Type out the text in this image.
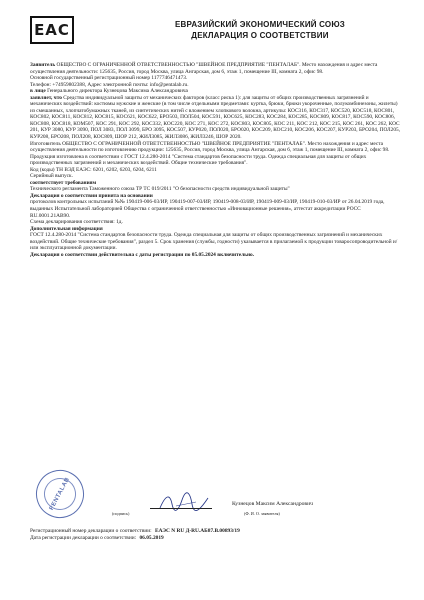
EAC	ЕВРАЗИЙСКИЙ ЭКОНОМИЧЕСКИЙ СОЮЗ
ДЕКЛАРАЦИЯ О СООТВЕТСТВИИ

Заявитель ОБЩЕСТВО С ОГРАНИЧЕННОЙ ОТВЕТСТВЕННОСТЬЮ "ШВЕЙНОЕ ПРЕДПРИЯТИЕ "ПЕНТАЛАБ". Место нахождения и адрес места осуществления деятельности: 125635, Россия, город Москва, улица Ангарская, дом 6, этаж 1, помещение III, комната 2, офис 98.

Основной государственный регистрационный номер 1177746471473.

Телефон: +74959802388, Адрес электронной почты: info@pentalab.ru.

в лице Генерального директора Кузнецова Максима Александровича

заявляет, что Средства индивидуальной защиты от механических факторов (класс риска 1): для защиты от общих производственных загрязнений и механических воздействий: костюмы мужские и женские (в том числе отдельными предметами: куртка, брюки, брюки укороченные, полукомбинезоны, жилеты) из смешанных, хлопчатобумажных тканей, из синтетических нитей с вложением хлопкового волокна, артикулы: КОС316, КОС317, КОС520, КОС518, КОС801, КОС802, КОС811, КОС812, КОС815, КОС621, КОС622, БРО503, ПОЛ504, КОС591, КОС625, КОС283, КОС284, КОС285, КОС809, КОС817, КОС590, КОС806, КОС808, КОС818, КОМ507, КОС 291, КОС 292, КОС332, КОС220, КОС 271, КОС 272, КОС803, КОС805, КОС 211, КОС 212, КОС 215, КОС 261, КОС 262, КОС 201, КУР 3080, КУР 3090, ПОЛ 3083, ПОЛ 3099, БРО 3095, КОС507, КУР020, ПОЛ020, БРО020, КОС209, КОС210, КОС206, КОС207, КУР203, БРО204, ПОЛ205, КУР208, БРО208, ПОЛ208, КОС809, ШОР 212, ЖИЛ3085, ЖИЛ3086, ЖИЛ3246, ШОР 2020.

Изготовитель ОБЩЕСТВО С ОГРАНИЧЕННОЙ ОТВЕТСТВЕННОСТЬЮ "ШВЕЙНОЕ ПРЕДПРИЯТИЕ "ПЕНТАЛАБ". Место нахождения и адрес места осуществления деятельности по изготовлению продукции: 125635, Россия, город Москва, улица Ангарская, дом 6, этаж 1, помещение III, комната 2, офис 98.

Продукция изготовлена в соответствии с ГОСТ 12.4.280-2014 "Система стандартов безопасности труда. Одежда специальная для защиты от общих производственных загрязнений и механических воздействий. Общие технические требования".

Код (коды) ТН ВЭД ЕАЭС: 6201, 6202, 6203, 6204, 6211

Серийный выпуск.

соответствует требованиям

Технического регламента Таможенного союза ТР ТС 019/2011 "О безопасности средств индивидуальной защиты"

Декларация о соответствии принята на основании

протоколов контрольных испытаний №№ 190419-006-03/ИР, 190419-007-03/ИР, 190419-008-03/ИР, 190419-009-03/ИР, 190419-010-03/ИР от 26.04.2019 года, выданных Испытательной лабораторией Общества с ограниченной ответственностью «Инновационные решения», аттестат аккредитации РОСС RU.0001.21АВ90.

Схема декларирования соответствия: 1д.

Дополнительная информация

ГОСТ 12.4.280-2014 "Система стандартов безопасности труда. Одежда специальная для защиты от общих производственных загрязнений и механических воздействий. Общие технические требования", раздел 5. Срок хранения (службы, годности) указывается в прилагаемой к продукции товаросопроводительной и/или эксплуатационной документации.

Декларация о соответствии действительна с даты регистрации по 05.05.2024 включительно.

PENTALAB	Кузнецов Максим Александрович
(подпись)	(Ф. И. О. заявителя)
Регистрационный номер декларации о соответствии: ЕАЭС N RU Д-RU.АБ87.В.00893/19
Дата регистрации декларации о соответствии: 06.05.2019
